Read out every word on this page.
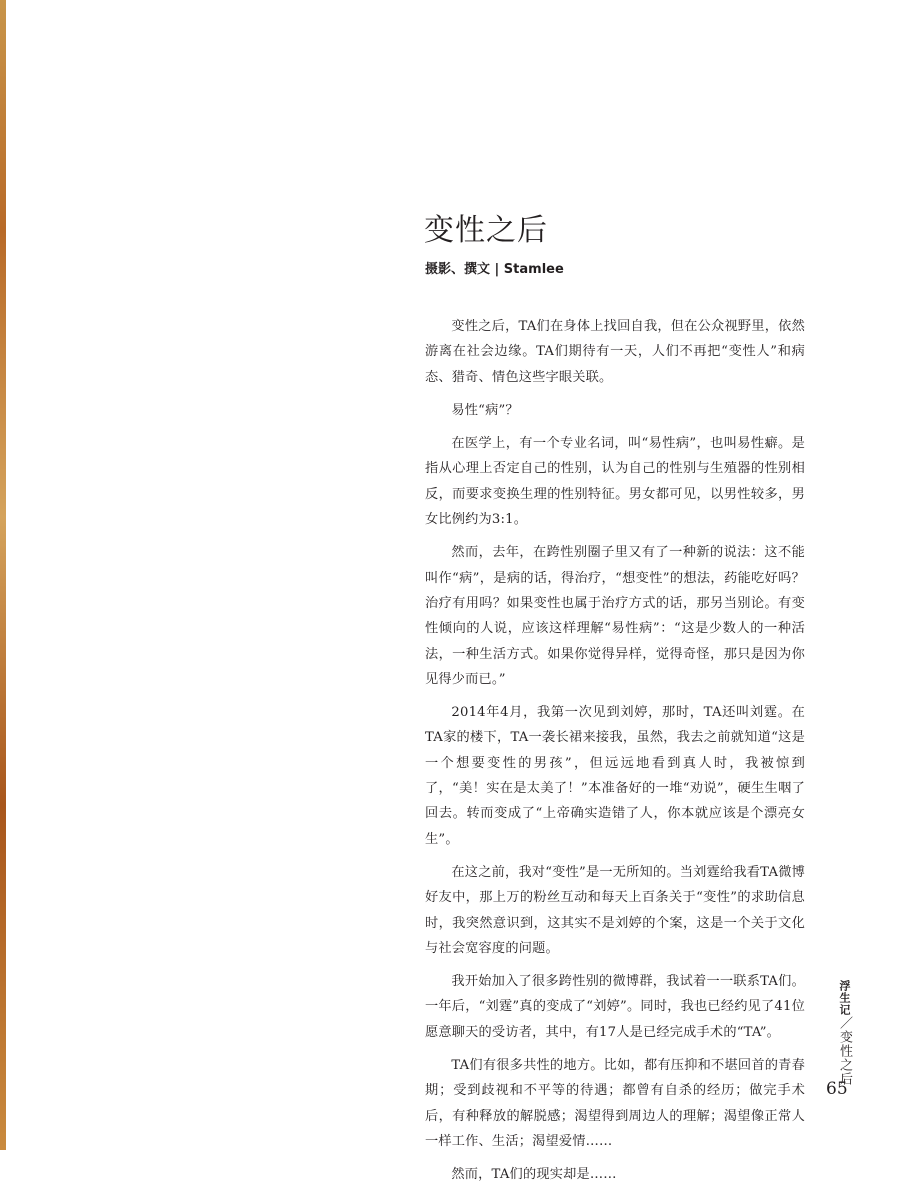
变性之后
摄影、撰文 | Stamlee

变性之后，TA们在身体上找回自我，但在公众视野里，依然游离在社会边缘。TA们期待有一天，人们不再把“变性人”和病态、猎奇、情色这些字眼关联。

易性“病”？

在医学上，有一个专业名词，叫“易性病”，也叫易性癖。是指从心理上否定自己的性别，认为自己的性别与生殖器的性别相反，而要求变换生理的性别特征。男女都可见，以男性较多，男女比例约为3:1。

然而，去年，在跨性别圈子里又有了一种新的说法：这不能叫作“病”，是病的话，得治疗，“想变性”的想法，药能吃好吗？治疗有用吗？如果变性也属于治疗方式的话，那另当别论。有变性倾向的人说，应该这样理解“易性病”：“这是少数人的一种活法，一种生活方式。如果你觉得异样，觉得奇怪，那只是因为你见得少而已。”

2014年4月，我第一次见到刘婷，那时，TA还叫刘霆。在TA家的楼下，TA一袭长裙来接我，虽然，我去之前就知道“这是一个想要变性的男孩”，但远远地看到真人时，我被惊到了，“美！实在是太美了！”本准备好的一堆“劝说”，硬生生咽了回去。转而变成了“上帝确实造错了人，你本就应该是个漂亮女生”。

在这之前，我对“变性”是一无所知的。当刘霆给我看TA微博好友中，那上万的粉丝互动和每天上百条关于“变性”的求助信息时，我突然意识到，这其实不是刘婷的个案，这是一个关于文化与社会宽容度的问题。

我开始加入了很多跨性别的微博群，我试着一一联系TA们。一年后，“刘霆”真的变成了“刘婷”。同时，我也已经约见了41位愿意聊天的受访者，其中，有17人是已经完成手术的“TA”。

TA们有很多共性的地方。比如，都有压抑和不堪回首的青春期；受到歧视和不平等的待遇；都曾有自杀的经历；做完手术后，有种释放的解脱感；渴望得到周边人的理解；渴望像正常人一样工作、生活；渴望爱情……

然而，TA们的现实却是……

浮生记／变性之后
65
